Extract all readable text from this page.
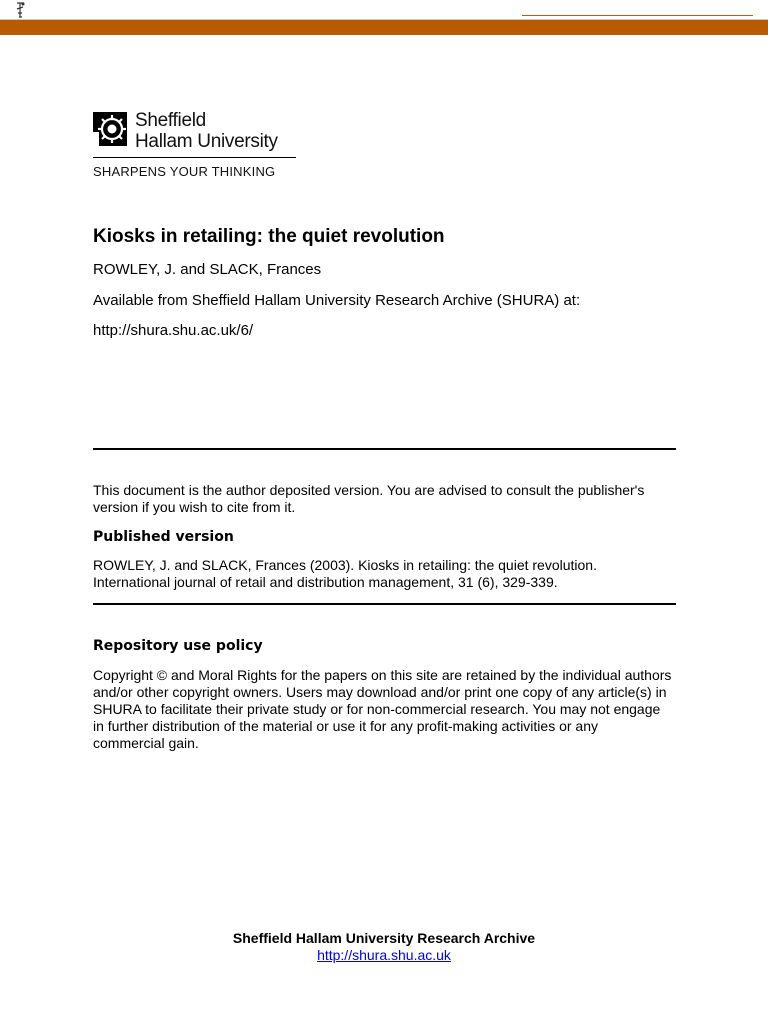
Sheffield
Hallam University
SHARPENS YOUR THINKING
Kiosks in retailing: the quiet revolution
ROWLEY, J. and SLACK, Frances
Available from Sheffield Hallam University Research Archive (SHURA) at:
http://shura.shu.ac.uk/6/
This document is the author deposited version. You are advised to consult the publisher's version if you wish to cite from it.
Published version
ROWLEY, J. and SLACK, Frances (2003). Kiosks in retailing: the quiet revolution. International journal of retail and distribution management, 31 (6), 329-339.
Repository use policy
Copyright © and Moral Rights for the papers on this site are retained by the individual authors and/or other copyright owners. Users may download and/or print one copy of any article(s) in SHURA to facilitate their private study or for non-commercial research. You may not engage in further distribution of the material or use it for any profit-making activities or any commercial gain.
Sheffield Hallam University Research Archive
http://shura.shu.ac.uk
